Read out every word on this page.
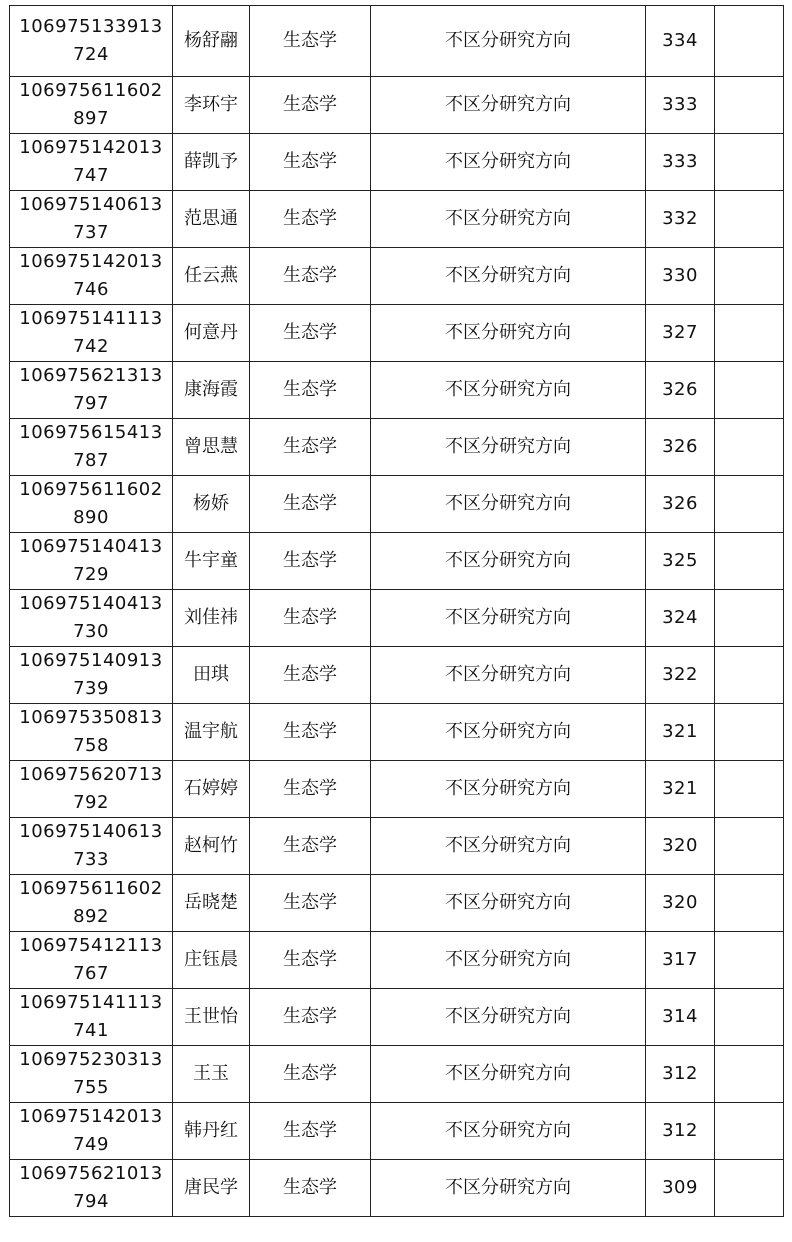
106975133913724	杨舒翮	生态学	不区分研究方向	334	
106975611602897	李环宇	生态学	不区分研究方向	333	
106975142013747	薛凯予	生态学	不区分研究方向	333	
106975140613737	范思通	生态学	不区分研究方向	332	
106975142013746	任云燕	生态学	不区分研究方向	330	
106975141113742	何意丹	生态学	不区分研究方向	327	
106975621313797	康海霞	生态学	不区分研究方向	326	
106975615413787	曾思慧	生态学	不区分研究方向	326	
106975611602890	杨娇	生态学	不区分研究方向	326	
106975140413729	牛宇童	生态学	不区分研究方向	325	
106975140413730	刘佳祎	生态学	不区分研究方向	324	
106975140913739	田琪	生态学	不区分研究方向	322	
106975350813758	温宇航	生态学	不区分研究方向	321	
106975620713792	石婷婷	生态学	不区分研究方向	321	
106975140613733	赵柯竹	生态学	不区分研究方向	320	
106975611602892	岳晓楚	生态学	不区分研究方向	320	
106975412113767	庄钰晨	生态学	不区分研究方向	317	
106975141113741	王世怡	生态学	不区分研究方向	314	
106975230313755	王玉	生态学	不区分研究方向	312	
106975142013749	韩丹红	生态学	不区分研究方向	312	
106975621013794	唐民学	生态学	不区分研究方向	309	
